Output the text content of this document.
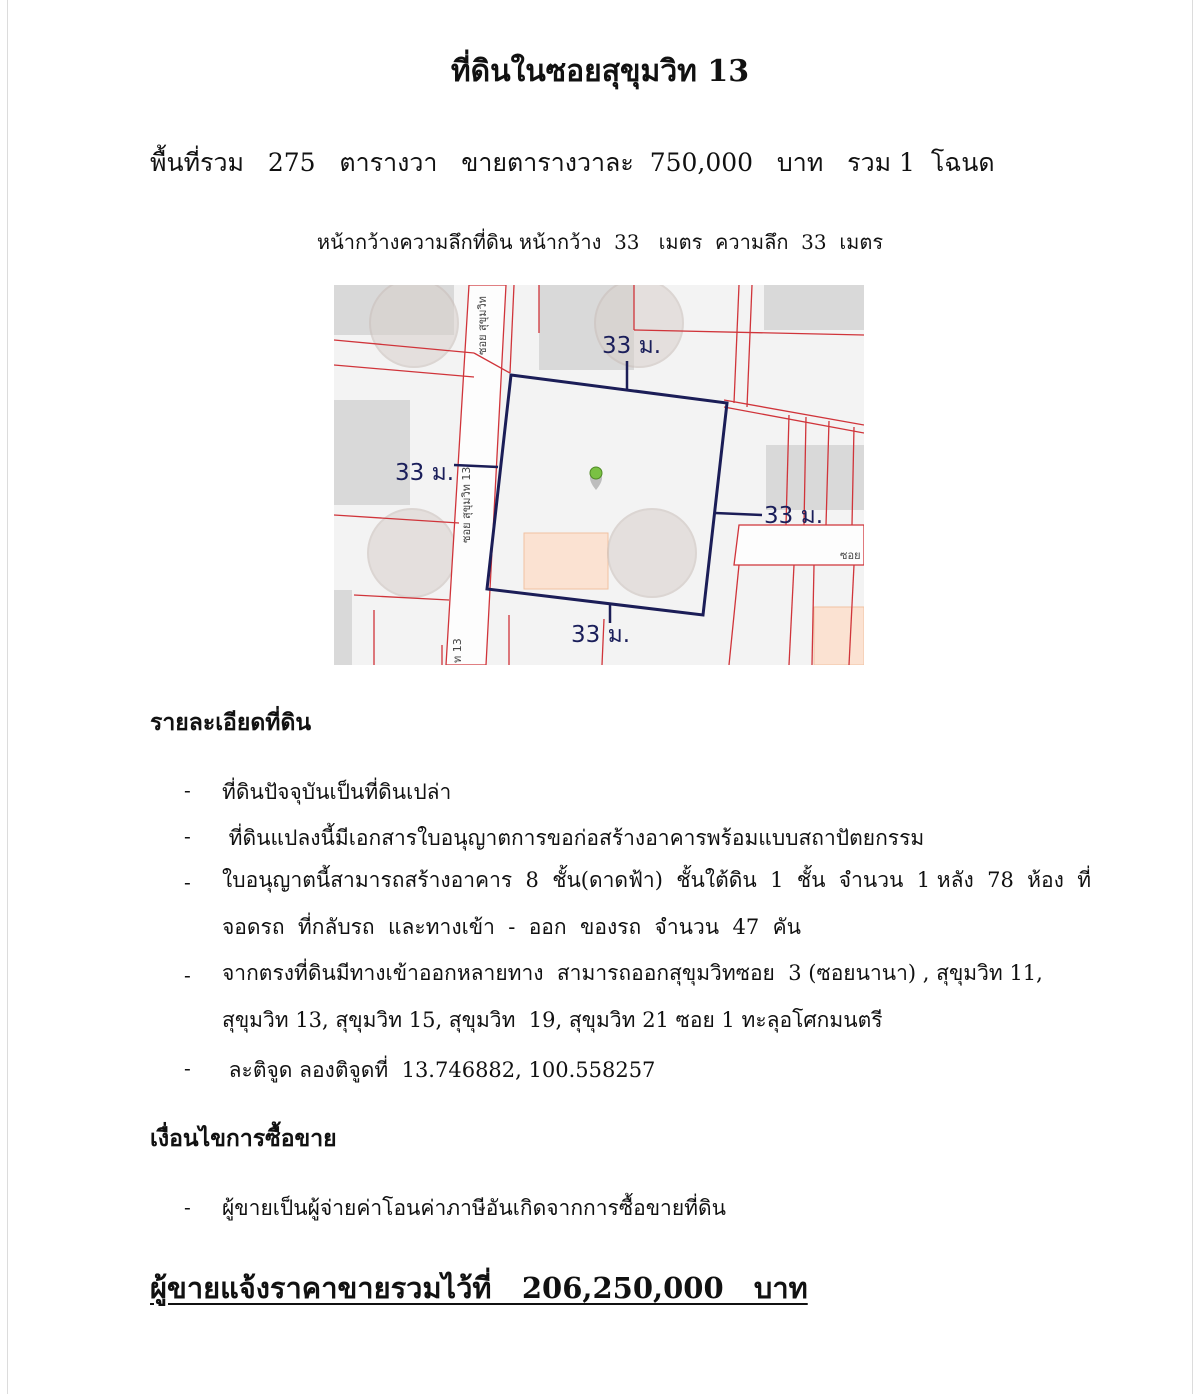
ที่ดินในซอยสุขุมวิท 13
พื้นที่รวม   275   ตารางวา   ขายตารางวาละ  750,000   บาท   รวม 1  โฉนด
หน้ากว้างความลึกที่ดิน หน้ากว้าง  33   เมตร  ความลึก  33  เมตร
33 ม.
33 ม.
33 ม.
33 ม.
ซอย สุขุมวิท
ซอย สุขุมวิท 13
ท 13
ซอย
รายละเอียดที่ดิน
- ที่ดินปัจจุบันเป็นที่ดินเปล่า
- ที่ดินแปลงนี้มีเอกสารใบอนุญาตการขอก่อสร้างอาคารพร้อมแบบสถาปัตยกรรม
- ใบอนุญาตนี้สามารถสร้างอาคาร  8  ชั้น(ดาดฟ้า)  ชั้นใต้ดิน  1  ชั้น  จำนวน  1 หลัง  78  ห้อง  ที่
จอดรถ  ที่กลับรถ  และทางเข้า  -  ออก  ของรถ  จำนวน  47  คัน
- จากตรงที่ดินมีทางเข้าออกหลายทาง  สามารถออกสุขุมวิทซอย  3 (ซอยนานา) , สุขุมวิท 11,
สุขุมวิท 13, สุขุมวิท 15, สุขุมวิท  19, สุขุมวิท 21 ซอย 1 ทะลุอโศกมนตรี
- ละติจูด ลองติจูดที่  13.746882, 100.558257
เงื่อนไขการซื้อขาย
- ผู้ขายเป็นผู้จ่ายค่าโอนค่าภาษีอันเกิดจากการซื้อขายที่ดิน
ผู้ขายแจ้งราคาขายรวมไว้ที่   206,250,000   บาท
